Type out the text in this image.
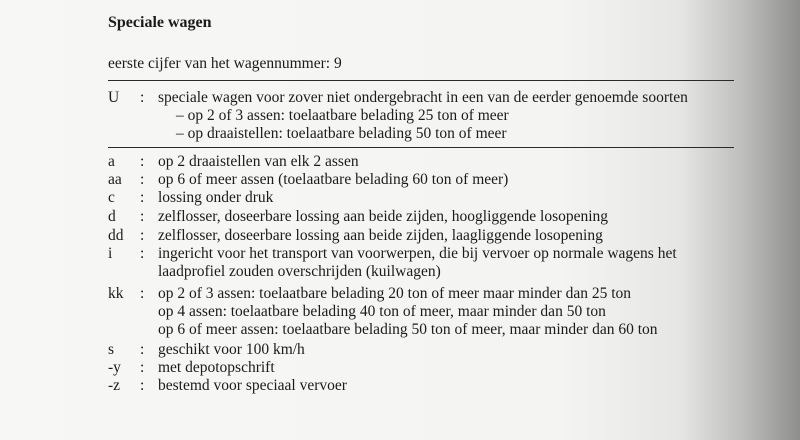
Speciale wagen
eerste cijfer van het wagennummer: 9
U	: speciale wagen voor zover niet ondergebracht in een van de eerder genoemde soorten
– op 2 of 3 assen: toelaatbare belading 25 ton of meer
– op draaistellen: toelaatbare belading 50 ton of meer
a	: op 2 draaistellen van elk 2 assen
aa	: op 6 of meer assen (toelaatbare belading 60 ton of meer)
c	: lossing onder druk
d	: zelflosser, doseerbare lossing aan beide zijden, hoogliggende losopening
dd	: zelflosser, doseerbare lossing aan beide zijden, laagliggende losopening
i	: ingericht voor het transport van voorwerpen, die bij vervoer op normale wagens het
laadprofiel zouden overschrijden (kuilwagen)
kk	: op 2 of 3 assen: toelaatbare belading 20 ton of meer maar minder dan 25 ton
op 4 assen: toelaatbare belading 40 ton of meer, maar minder dan 50 ton
op 6 of meer assen: toelaatbare belading 50 ton of meer, maar minder dan 60 ton
s	: geschikt voor 100 km/h
-y	: met depotopschrift
-z	: bestemd voor speciaal vervoer
